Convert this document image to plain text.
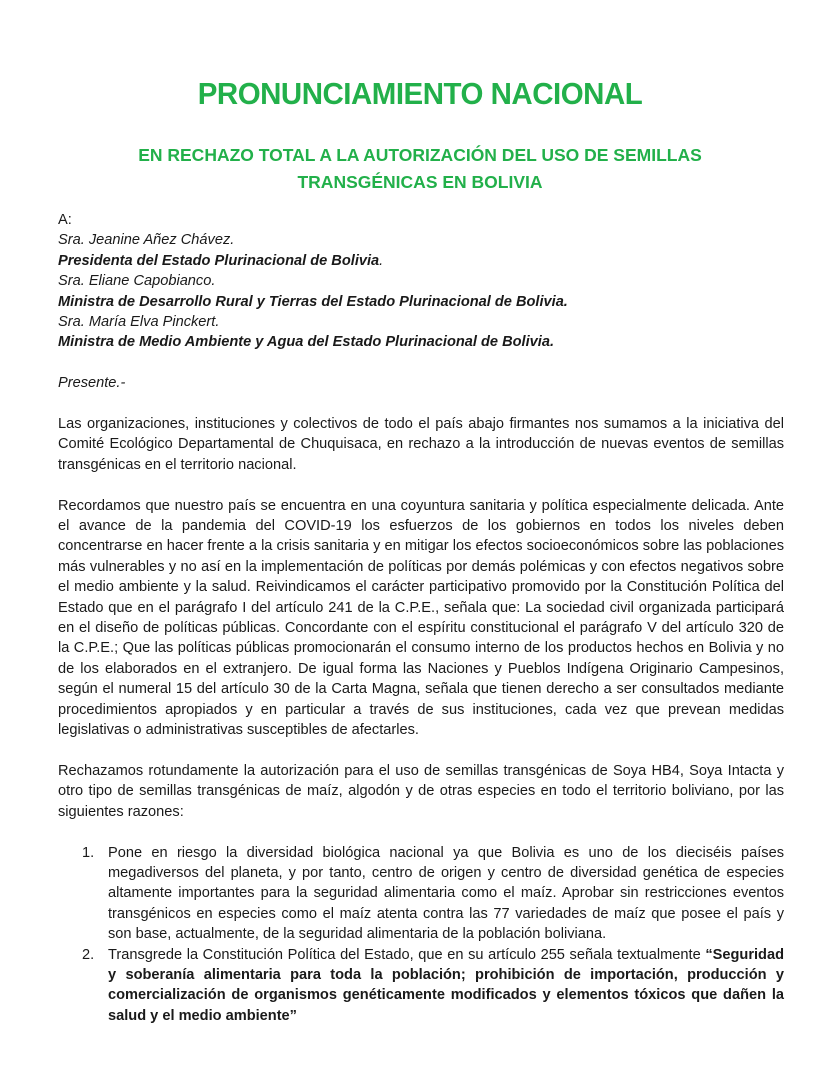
PRONUNCIAMIENTO NACIONAL
EN RECHAZO TOTAL A LA AUTORIZACIÓN DEL USO DE SEMILLAS
TRANSGÉNICAS EN BOLIVIA

A:

Sra. Jeanine Añez Chávez.

Presidenta del Estado Plurinacional de Bolivia.

Sra. Eliane Capobianco.

Ministra de Desarrollo Rural y Tierras del Estado Plurinacional de Bolivia.

Sra. María Elva Pinckert.

Ministra de Medio Ambiente y Agua del Estado Plurinacional de Bolivia.

Presente.-

Las organizaciones, instituciones y colectivos de todo el país abajo firmantes nos sumamos a la iniciativa del Comité Ecológico Departamental de Chuquisaca, en rechazo a la introducción de nuevas eventos de semillas transgénicas en el territorio nacional.

Recordamos que nuestro país se encuentra en una coyuntura sanitaria y política especialmente delicada. Ante el avance de la pandemia del COVID-19 los esfuerzos de los gobiernos en todos los niveles deben concentrarse en hacer frente a la crisis sanitaria y en mitigar los efectos socioeconómicos sobre las poblaciones más vulnerables y no así en la implementación de políticas por demás polémicas y con efectos negativos sobre el medio ambiente y la salud. Reivindicamos el carácter participativo promovido por la Constitución Política del Estado que en el parágrafo I del artículo 241 de la C.P.E., señala que: La sociedad civil organizada participará en el diseño de políticas públicas. Concordante con el espíritu constitucional el parágrafo V del artículo 320 de la C.P.E.; Que las políticas públicas promocionarán el consumo interno de los productos hechos en Bolivia y no de los elaborados en el extranjero. De igual forma las Naciones y Pueblos Indígena Originario Campesinos, según el numeral 15 del artículo 30 de la Carta Magna, señala que tienen derecho a ser consultados mediante procedimientos apropiados y en particular a través de sus instituciones, cada vez que prevean medidas legislativas o administrativas susceptibles de afectarles.

Rechazamos rotundamente la autorización para el uso de semillas transgénicas de Soya HB4, Soya Intacta y otro tipo de semillas transgénicas de maíz, algodón y de otras especies en todo el territorio boliviano, por las siguientes razones:

1. Pone en riesgo la diversidad biológica nacional ya que Bolivia es uno de los dieciséis países megadiversos del planeta, y por tanto, centro de origen y centro de diversidad genética de especies altamente importantes para la seguridad alimentaria como el maíz. Aprobar sin restricciones eventos transgénicos en especies como el maíz atenta contra las 77 variedades de maíz que posee el país y son base, actualmente, de la seguridad alimentaria de la población boliviana.
2. Transgrede la Constitución Política del Estado, que en su artículo 255 señala textualmente “Seguridad y soberanía alimentaria para toda la población; prohibición de importación, producción y comercialización de organismos genéticamente modificados y elementos tóxicos que dañen la salud y el medio ambiente”
